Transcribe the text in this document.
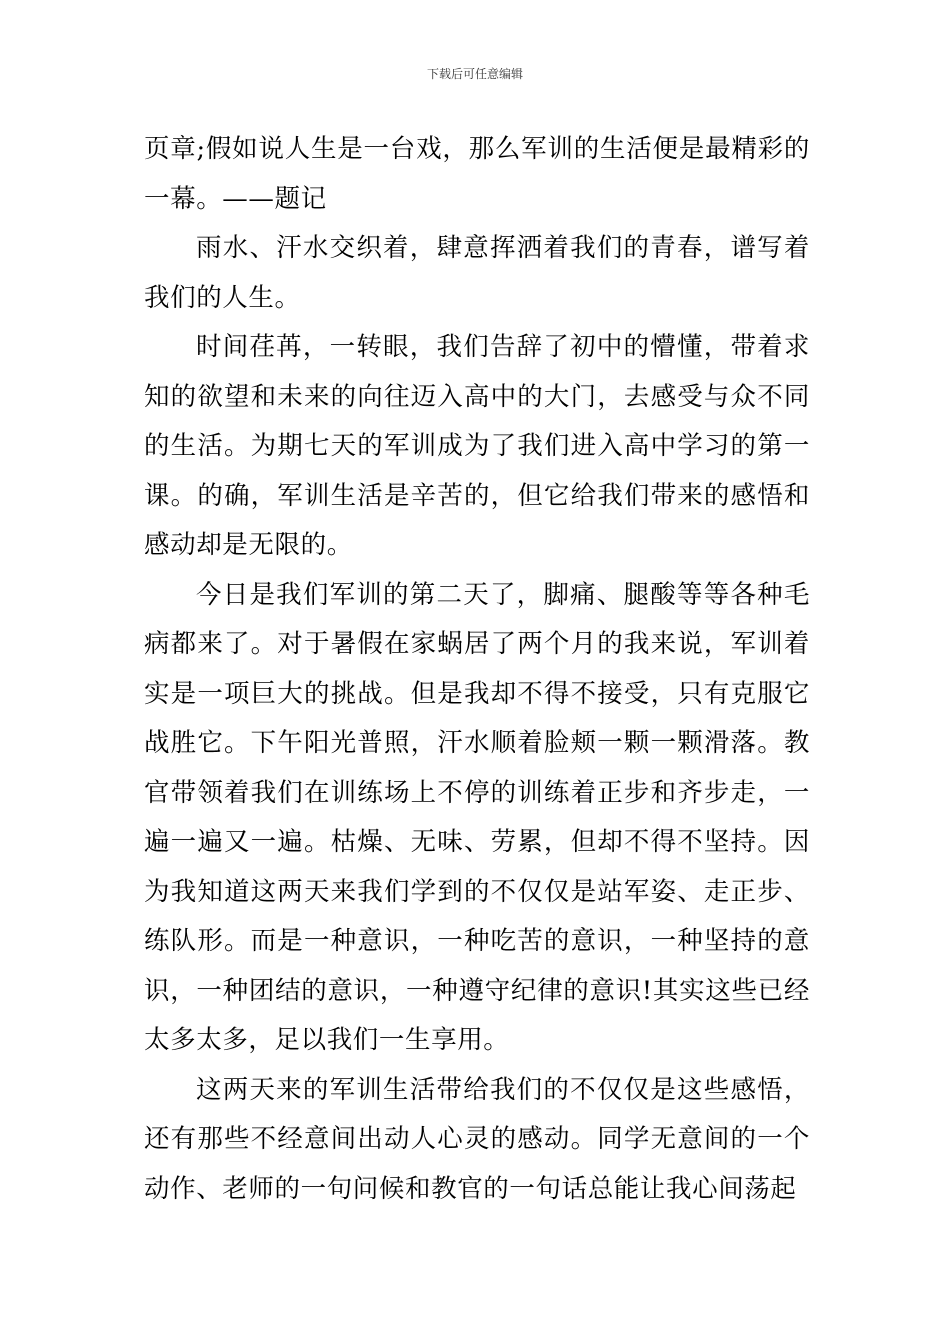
下载后可任意编辑

页章;假如说人生是一台戏，那么军训的生活便是最精彩的一幕。——题记

雨水、汗水交织着，肆意挥洒着我们的青春，谱写着我们的人生。

时间荏苒，一转眼，我们告辞了初中的懵懂，带着求知的欲望和未来的向往迈入高中的大门，去感受与众不同的生活。为期七天的军训成为了我们进入高中学习的第一课。的确，军训生活是辛苦的，但它给我们带来的感悟和感动却是无限的。

今日是我们军训的第二天了，脚痛、腿酸等等各种毛病都来了。对于暑假在家蜗居了两个月的我来说，军训着实是一项巨大的挑战。但是我却不得不接受，只有克服它战胜它。下午阳光普照，汗水顺着脸颊一颗一颗滑落。教官带领着我们在训练场上不停的训练着正步和齐步走，一遍一遍又一遍。枯燥、无味、劳累，但却不得不坚持。因为我知道这两天来我们学到的不仅仅是站军姿、走正步、练队形。而是一种意识，一种吃苦的意识，一种坚持的意识，一种团结的意识，一种遵守纪律的意识!其实这些已经太多太多，足以我们一生享用。

这两天来的军训生活带给我们的不仅仅是这些感悟，还有那些不经意间出动人心灵的感动。同学无意间的一个动作、老师的一句问候和教官的一句话总能让我心间荡起
